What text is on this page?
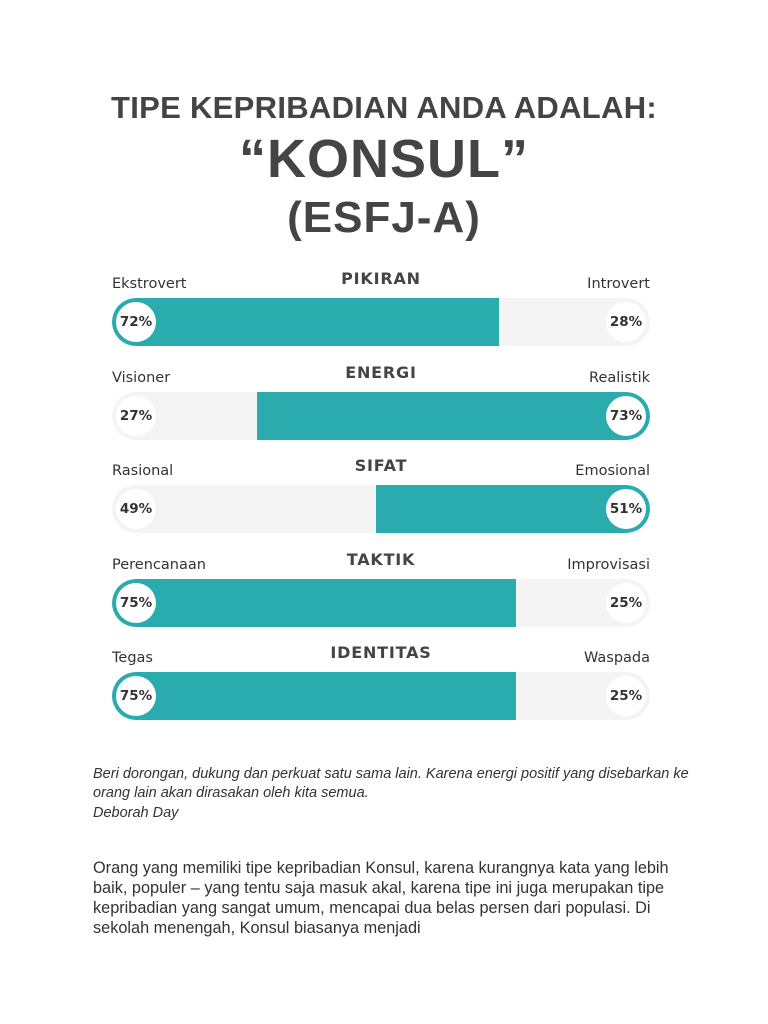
TIPE KEPRIBADIAN ANDA ADALAH:
“KONSUL”
(ESFJ-A)
Ekstrovert	PIKIRAN	Introvert
72%	28%
Visioner	ENERGI	Realistik
27%	73%
Rasional	SIFAT	Emosional
49%	51%
Perencanaan	TAKTIK	Improvisasi
75%	25%
Tegas	IDENTITAS	Waspada
75%	25%

Beri dorongan, dukung dan perkuat satu sama lain. Karena energi positif yang disebarkan ke orang lain akan dirasakan oleh kita semua.

Deborah Day

Orang yang memiliki tipe kepribadian Konsul, karena kurangnya kata yang lebih baik, populer – yang tentu saja masuk akal, karena tipe ini juga merupakan tipe kepribadian yang sangat umum, mencapai dua belas persen dari populasi. Di sekolah menengah, Konsul biasanya menjadi
